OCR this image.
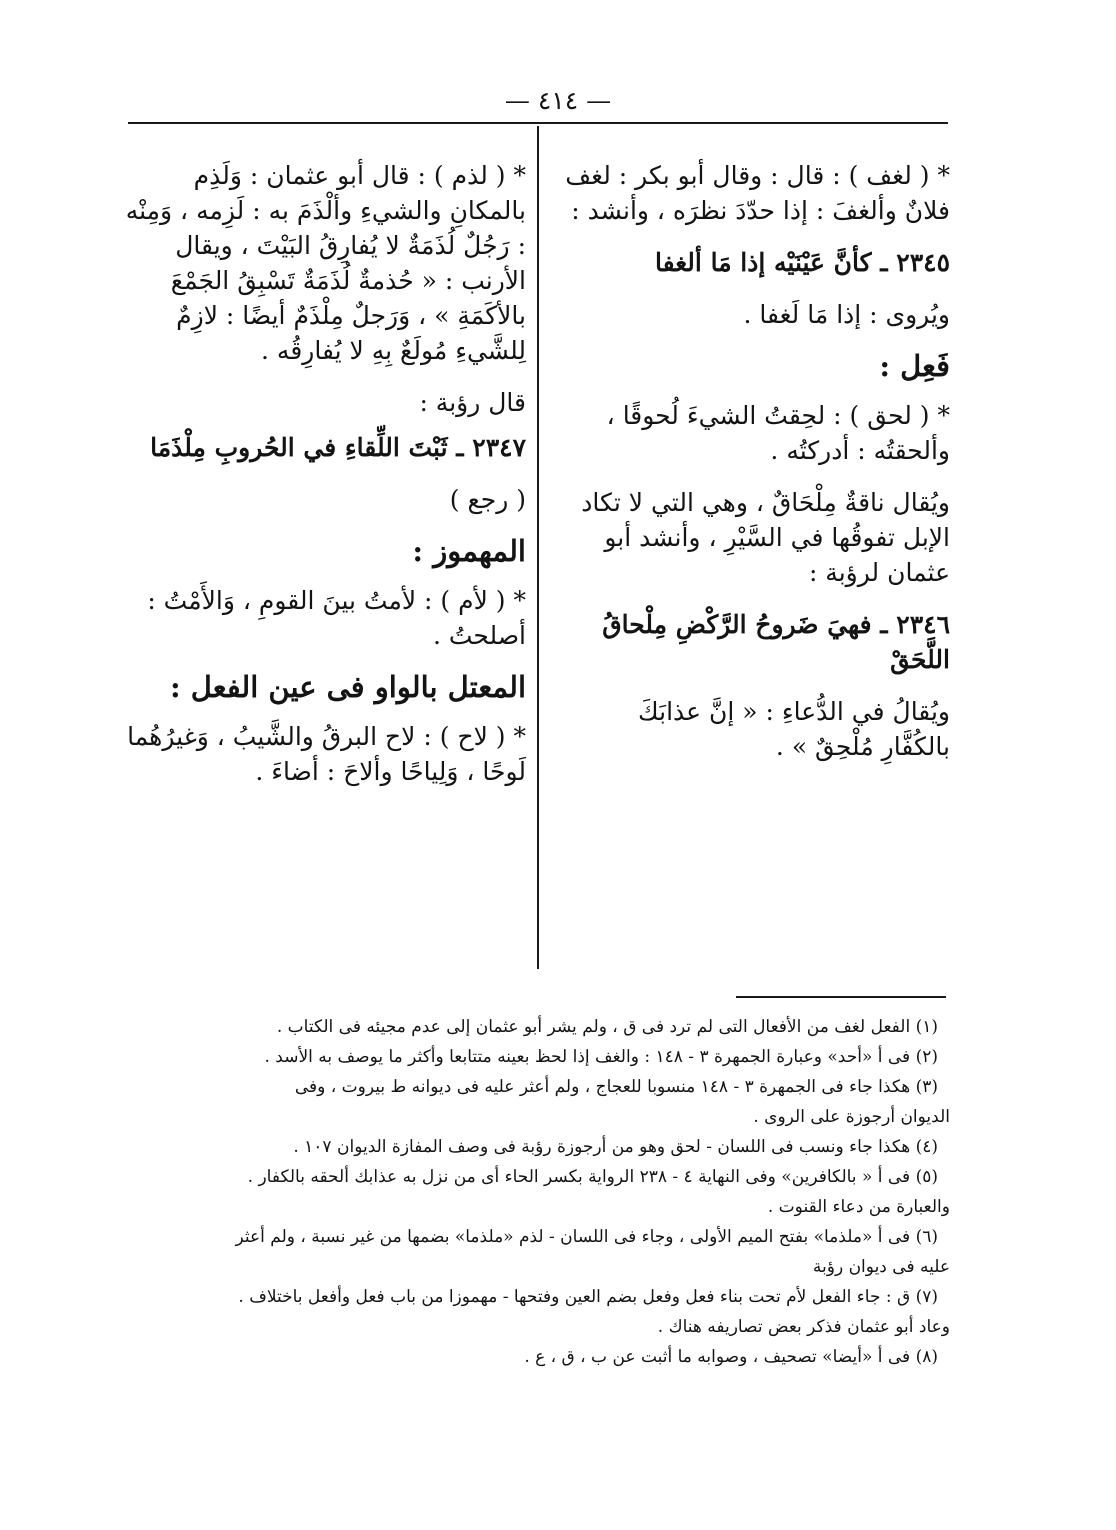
— ٤١٤ —

* ( لغف ) : قال : وقال أبو بكر : لغف فلانٌ وألغفَ : إذا حدّدَ نظرَه ، وأنشد :

٢٣٤٥ ـ كأنَّ عَيْنَيْه إذا مَا ألغفا

ويُروى : إذا مَا لَغفا .

فَعِل :

* ( لحق ) : لحِقتُ الشيءَ لُحوقًا ، وألحقتُه : أدركتُه .

ويُقال ناقةٌ مِلْحَاقٌ ، وهي التي لا تكاد الإبل تفوقُها في السَّيْرِ ، وأنشد أبو عثمان لرؤبة :

٢٣٤٦ ـ فهيَ ضَروحُ الرَّكْضِ مِلْحاقُ اللَّحَقْ

ويُقالُ في الدُّعاءِ : « إنَّ عذابَكَ بالكُفَّارِ مُلْحِقٌ » .

* ( لذم ) : قال أبو عثمان : وَلَذِم بالمكانِ والشيءِ وألْذَمَ به : لَزِمه ، وَمِنْه : رَجُلٌ لُذَمَةٌ لا يُفارِقُ البَيْتَ ، ويقال الأرنب : « حُذمةٌ لُذَمَةٌ تَسْبِقُ الجَمْعَ بالأكَمَةِ » ، وَرَجلٌ مِلْذَمٌ أيضًا : لازِمٌ لِلشَّيءِ مُولَعٌ بِهِ لا يُفارِقُه .

قال رؤبة :

٢٣٤٧ ـ ثَبْتَ اللِّقاءِ في الحُروبِ مِلْذَمَا

( رجع )

المهموز :

* ( لأم ) : لأمتُ بينَ القومِ ، وَالأَمْتُ : أصلحتُ .

المعتل بالواو فى عين الفعل :

* ( لاح ) : لاح البرقُ والشَّيبُ ، وَغيرُهُما لَوحًا ، وَلِياحًا وألاحَ : أضاءَ .

(١) الفعل لغف من الأفعال التى لم ترد فى ق ، ولم يشر أبو عثمان إلى عدم مجيئه فى الكتاب .

(٢) فى أ «أحد» وعبارة الجمهرة ٣ - ١٤٨ : والغف إذا لحظ بعينه متتابعا وأكثر ما يوصف به الأسد .

(٣) هكذا جاء فى الجمهرة ٣ - ١٤٨ منسوبا للعجاج ، ولم أعثر عليه فى ديوانه ط بيروت ، وفى

الديوان أرجوزة على الروى .

(٤) هكذا جاء ونسب فى اللسان - لحق وهو من أرجوزة رؤبة فى وصف المفازة الديوان ١٠٧ .

(٥) فى أ « بالكافرين» وفى النهاية ٤ - ٢٣٨ الرواية بكسر الحاء أى من نزل به عذابك ألحقه بالكفار .

والعبارة من دعاء القنوت .

(٦) فى أ «ملذما» بفتح الميم الأولى ، وجاء فى اللسان - لذم «ملذما» بضمها من غير نسبة ، ولم أعثر

عليه فى ديوان رؤبة

(٧) ق : جاء الفعل لأم تحت بناء فعل وفعل بضم العين وفتحها - مهموزا من باب فعل وأفعل باختلاف .

وعاد أبو عثمان فذكر بعض تصاريفه هناك .

(٨) فى أ «أيضا» تصحيف ، وصوابه ما أثبت عن ب ، ق ، ع .
